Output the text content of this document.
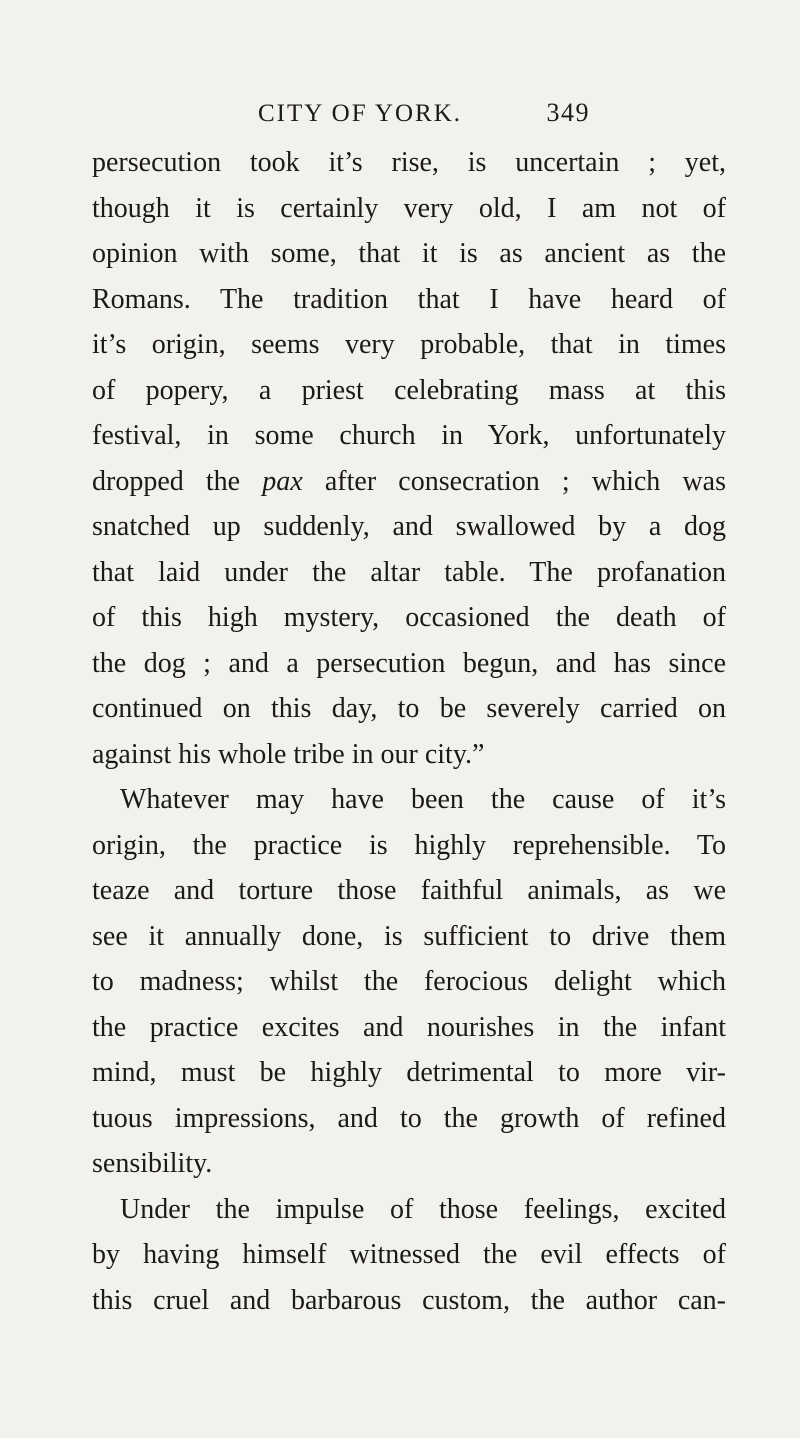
CITY OF YORK.	349
persecution took it’s rise, is uncertain ; yet,
though it is certainly very old, I am not of
opinion with some, that it is as ancient as the
Romans. The tradition that I have heard of
it’s origin, seems very probable, that in times
of popery, a priest celebrating mass at this
festival, in some church in York, unfortunately
dropped the pax after consecration ; which was
snatched up suddenly, and swallowed by a dog
that laid under the altar table. The profanation
of this high mystery, occasioned the death of
the dog ; and a persecution begun, and has since
continued on this day, to be severely carried on
against his whole tribe in our city.”
Whatever may have been the cause of it’s
origin, the practice is highly reprehensible. To
teaze and torture those faithful animals, as we
see it annually done, is sufficient to drive them
to madness; whilst the ferocious delight which
the practice excites and nourishes in the infant
mind, must be highly detrimental to more vir-
tuous impressions, and to the growth of refined
sensibility.
Under the impulse of those feelings, excited
by having himself witnessed the evil effects of
this cruel and barbarous custom, the author can-
